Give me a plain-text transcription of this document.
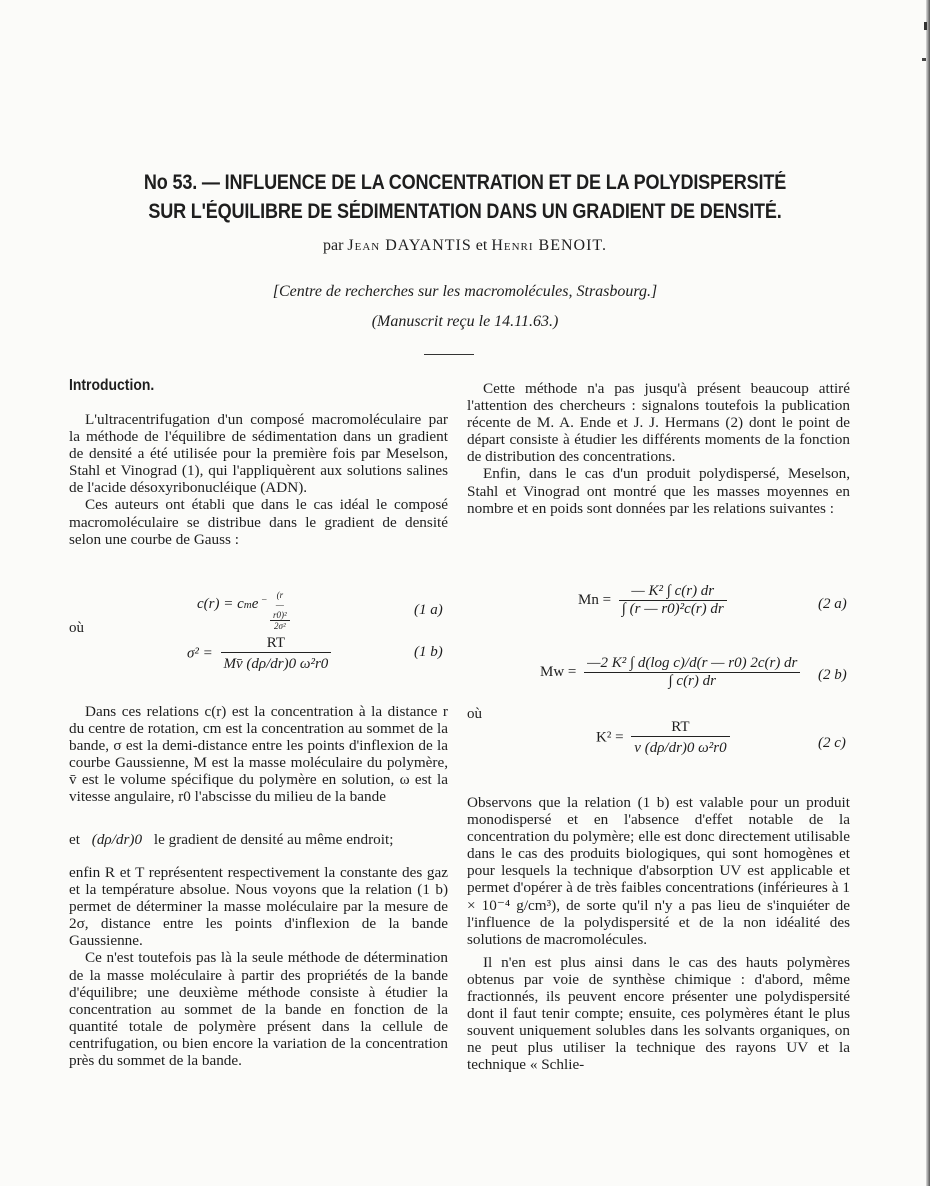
No 53. — INFLUENCE DE LA CONCENTRATION ET DE LA POLYDISPERSITÉ
SUR L'ÉQUILIBRE DE SÉDIMENTATION DANS UN GRADIENT DE DENSITÉ.
par Jean DAYANTIS et Henri BENOIT.
[Centre de recherches sur les macromolécules, Strasbourg.]
(Manuscrit reçu le 14.11.63.)
Introduction.

L'ultracentrifugation d'un composé macromoléculaire par la méthode de l'équilibre de sédimentation dans un gradient de densité a été utilisée pour la première fois par Meselson, Stahl et Vinograd (1), qui l'appliquèrent aux solutions salines de l'acide désoxyribonucléique (ADN).

Ces auteurs ont établi que dans le cas idéal le composé macromoléculaire se distribue dans le gradient de densité selon une courbe de Gauss :

c(r) = cme – $\frac{\text{(r—r0)²}}{\text{2σ²}}$	(1 a)
où
$\sigma^2 = \frac{RT}{\text{Mv̄ (dρ/dr)0 ω²r0}}$	(1 b)

Dans ces relations c(r) est la concentration à la distance r du centre de rotation, cm est la concentration au sommet de la bande, σ est la demi-distance entre les points d'inflexion de la courbe Gaussienne, M est la masse moléculaire du polymère, v̄ est le volume spécifique du polymère en solution, ω est la vitesse angulaire, r0 l'abscisse du milieu de la bande

et (dρ/dr)0 le gradient de densité au même endroit;

enfin R et T représentent respectivement la constante des gaz et la température absolue. Nous voyons que la relation (1 b) permet de déterminer la masse moléculaire par la mesure de 2σ, distance entre les points d'inflexion de la bande Gaussienne.

Ce n'est toutefois pas là la seule méthode de détermination de la masse moléculaire à partir des propriétés de la bande d'équilibre; une deuxième méthode consiste à étudier la concentration au sommet de la bande en fonction de la quantité totale de polymère présent dans la cellule de centrifugation, ou bien encore la variation de la concentration près du sommet de la bande.

Cette méthode n'a pas jusqu'à présent beaucoup attiré l'attention des chercheurs : signalons toutefois la publication récente de M. A. Ende et J. J. Hermans (2) dont le point de départ consiste à étudier les différents moments de la fonction de distribution des concentrations.

Enfin, dans le cas d'un produit polydispersé, Meselson, Stahl et Vinograd ont montré que les masses moyennes en nombre et en poids sont données par les relations suivantes :

$Mn = \frac{\text{— K² ∫ c(r) dr}}{\text{∫ (r — r0)²c(r) dr}}$	(2 a)
$Mw = \frac{\text{—2 K² ∫ d(log c)/d(r — r0) 2c(r) dr}}{\int c(r) dr} (2$ b)
où
$K^2 = \frac{RT}{\text{v (dρ/dr)0 ω²r0}}$	(2 c)

Observons que la relation (1 b) est valable pour un produit monodispersé et en l'absence d'effet notable de la concentration du polymère; elle est donc directement utilisable dans le cas des produits biologiques, qui sont homogènes et pour lesquels la technique d'absorption UV est applicable et permet d'opérer à de très faibles concentrations (inférieures à 1 × 10⁻⁴ g/cm³), de sorte qu'il n'y a pas lieu de s'inquiéter de l'influence de la polydispersité et de la non idéalité des solutions de macromolécules.

Il n'en est plus ainsi dans le cas des hauts polymères obtenus par voie de synthèse chimique : d'abord, même fractionnés, ils peuvent encore présenter une polydispersité dont il faut tenir compte; ensuite, ces polymères étant le plus souvent uniquement solubles dans les solvants organiques, on ne peut plus utiliser la technique des rayons UV et la technique « Schlie-
